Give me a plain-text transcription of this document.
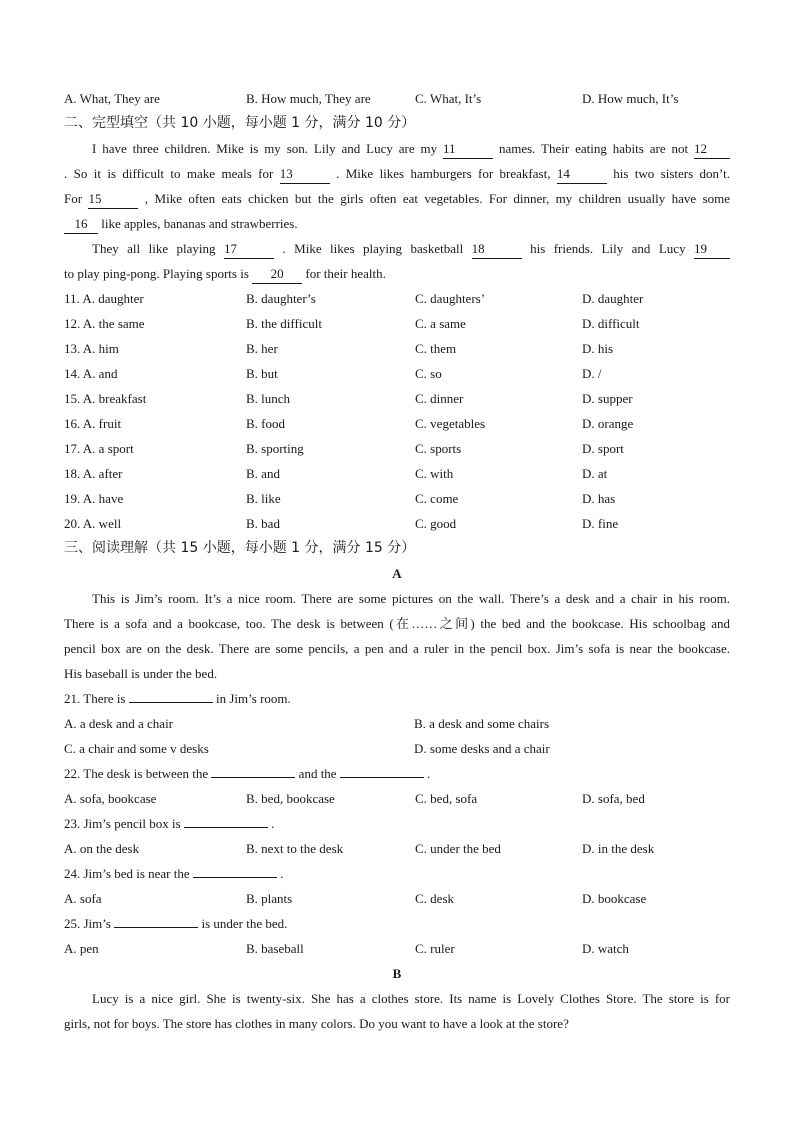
A. What, They are	B. How much, They are	C. What, It’s	D. How much, It’s
二、完型填空（共 10 小题，每小题 1 分，满分 10 分）
I have three children. Mike is my son. Lily and Lucy are my 11	names. Their eating habits are not 12
. So it is difficult to make meals for 13	. Mike likes hamburgers for breakfast, 14	his two sisters don’t.
For 15	, Mike often eats chicken but the girls often eat vegetables. For dinner, my children usually have some
16 like apples, bananas and strawberries.
They all like playing 17	. Mike likes playing basketball 18	his friends. Lily and Lucy 19
to play ping-pong. Playing sports is 20 for their health.
11. A. daughter	B. daughter’s	C. daughters’	D. daughter
12. A. the same	B. the difficult	C. a same	D. difficult
13. A. him	B. her	C. them	D. his
14. A. and	B. but	C. so	D. /
15. A. breakfast	B. lunch	C. dinner	D. supper
16. A. fruit	B. food	C. vegetables	D. orange
17. A. a sport	B. sporting	C. sports	D. sport
18. A. after	B. and	C. with	D. at
19. A. have	B. like	C. come	D. has
20. A. well	B. bad	C. good	D. fine
三、阅读理解（共 15 小题，每小题 1 分，满分 15 分）
A
This is Jim’s room. It’s a nice room. There are some pictures on the wall. There’s a desk and a chair in his room.
There is a sofa and a bookcase, too. The desk is between (在……之间) the bed and the bookcase. His schoolbag and
pencil box are on the desk. There are some pencils, a pen and a ruler in the pencil box. Jim’s sofa is near the bookcase.
His baseball is under the bed.
21. There is	in Jim’s room.
A. a desk and a chair	B. a desk and some chairs
C. a chair and some v desks	D. some desks and a chair
22. The desk is between the	and the	.
A. sofa, bookcase	B. bed, bookcase	C. bed, sofa	D. sofa, bed
23. Jim’s pencil box is	.
A. on the desk	B. next to the desk	C. under the bed	D. in the desk
24. Jim’s bed is near the	.
A. sofa	B. plants	C. desk	D. bookcase
25. Jim’s	is under the bed.
A. pen	B. baseball	C. ruler	D. watch
B
Lucy is a nice girl. She is twenty-six. She has a clothes store. Its name is Lovely Clothes Store. The store is for
girls, not for boys. The store has clothes in many colors. Do you want to have a look at the store?
